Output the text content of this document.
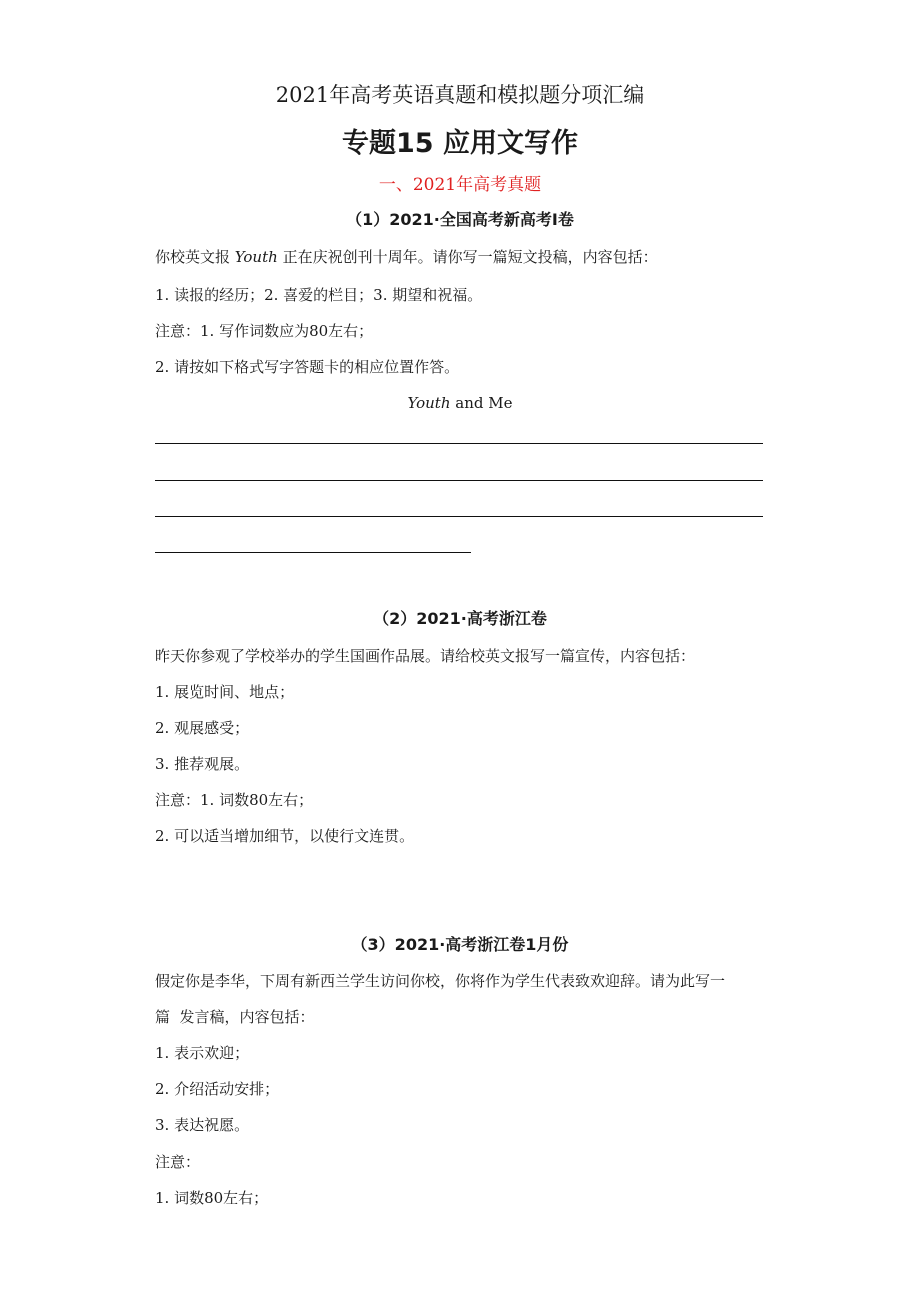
2021年高考英语真题和模拟题分项汇编
专题15 应用文写作
一、2021年高考真题
（1）2021·全国高考新高考Ⅰ卷
你校英文报 Youth 正在庆祝创刊十周年。请你写一篇短文投稿，内容包括：
1. 读报的经历；2. 喜爱的栏目；3. 期望和祝福。
注意：1. 写作词数应为80左右；
2. 请按如下格式写字答题卡的相应位置作答。
Youth and Me
（2）2021·高考浙江卷
昨天你参观了学校举办的学生国画作品展。请给校英文报写一篇宣传，内容包括：
1. 展览时间、地点；
2. 观展感受；
3. 推荐观展。
注意：1. 词数80左右；
2. 可以适当增加细节，以使行文连贯。
（3）2021·高考浙江卷1月份
假定你是李华，下周有新西兰学生访问你校，你将作为学生代表致欢迎辞。请为此写一
篇  发言稿，内容包括：
1. 表示欢迎；
2. 介绍活动安排；
3. 表达祝愿。
注意：
1. 词数80左右；
